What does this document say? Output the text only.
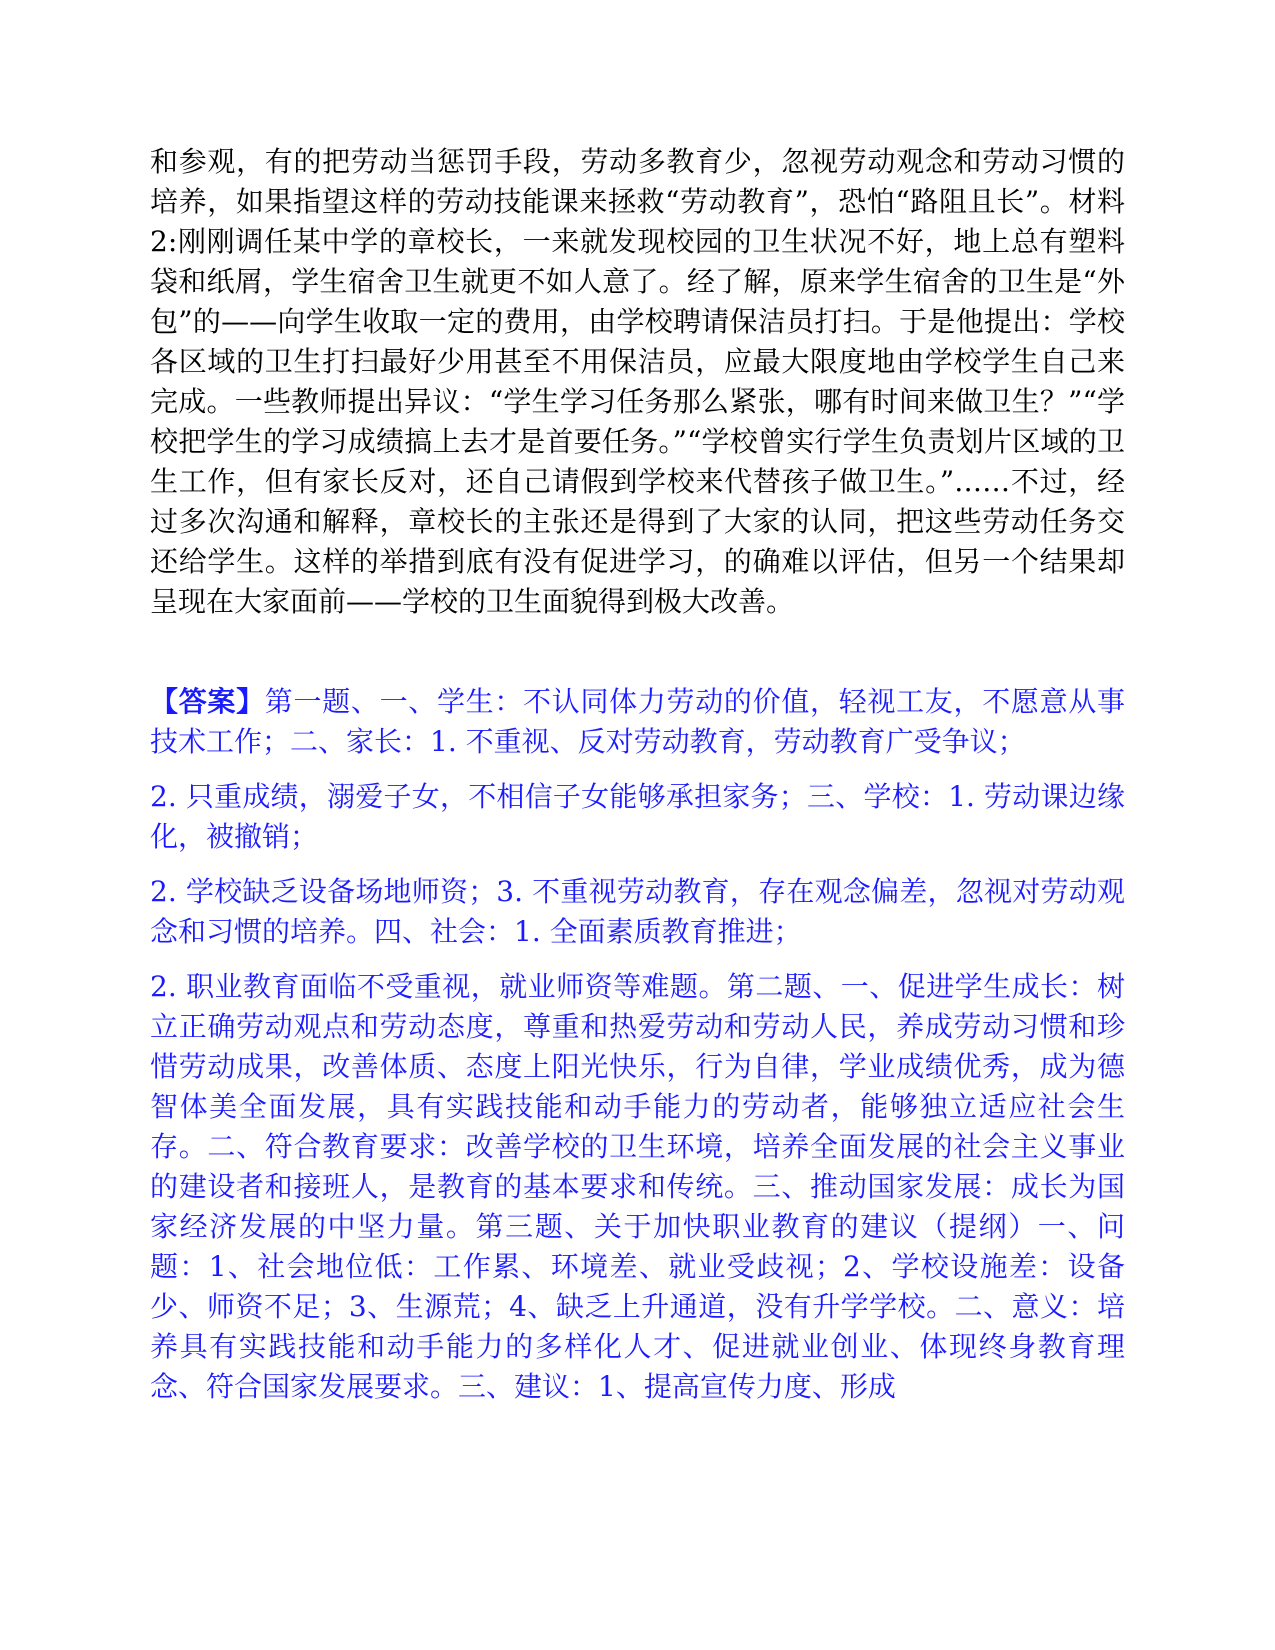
和参观，有的把劳动当惩罚手段，劳动多教育少，忽视劳动观念和劳动习惯的培养，如果指望这样的劳动技能课来拯救“劳动教育”，恐怕“路阻且长”。材料 2:刚刚调任某中学的章校长，一来就发现校园的卫生状况不好，地上总有塑料袋和纸屑，学生宿舍卫生就更不如人意了。经了解，原来学生宿舍的卫生是“外包”的——向学生收取一定的费用，由学校聘请保洁员打扫。于是他提出：学校各区域的卫生打扫最好少用甚至不用保洁员，应最大限度地由学校学生自己来完成。一些教师提出异议：“学生学习任务那么紧张，哪有时间来做卫生？”“学校把学生的学习成绩搞上去才是首要任务。”“学校曾实行学生负责划片区域的卫生工作，但有家长反对，还自己请假到学校来代替孩子做卫生。”……不过，经过多次沟通和解释，章校长的主张还是得到了大家的认同，把这些劳动任务交还给学生。这样的举措到底有没有促进学习，的确难以评估，但另一个结果却呈现在大家面前——学校的卫生面貌得到极大改善。

【答案】第一题、一、学生：不认同体力劳动的价值，轻视工友，不愿意从事技术工作；二、家长：1. 不重视、反对劳动教育，劳动教育广受争议；

2. 只重成绩，溺爱子女，不相信子女能够承担家务；三、学校：1. 劳动课边缘化，被撤销；

2. 学校缺乏设备场地师资；3. 不重视劳动教育，存在观念偏差，忽视对劳动观念和习惯的培养。四、社会：1. 全面素质教育推进；

2. 职业教育面临不受重视，就业师资等难题。第二题、一、促进学生成长：树立正确劳动观点和劳动态度，尊重和热爱劳动和劳动人民，养成劳动习惯和珍惜劳动成果，改善体质、态度上阳光快乐，行为自律，学业成绩优秀，成为德智体美全面发展，具有实践技能和动手能力的劳动者，能够独立适应社会生存。二、符合教育要求：改善学校的卫生环境，培养全面发展的社会主义事业的建设者和接班人，是教育的基本要求和传统。三、推动国家发展：成长为国家经济发展的中坚力量。第三题、关于加快职业教育的建议（提纲）一、问题：1、社会地位低：工作累、环境差、就业受歧视；2、学校设施差：设备少、师资不足；3、生源荒；4、缺乏上升通道，没有升学学校。二、意义：培养具有实践技能和动手能力的多样化人才、促进就业创业、体现终身教育理念、符合国家发展要求。三、建议：1、提高宣传力度、形成
